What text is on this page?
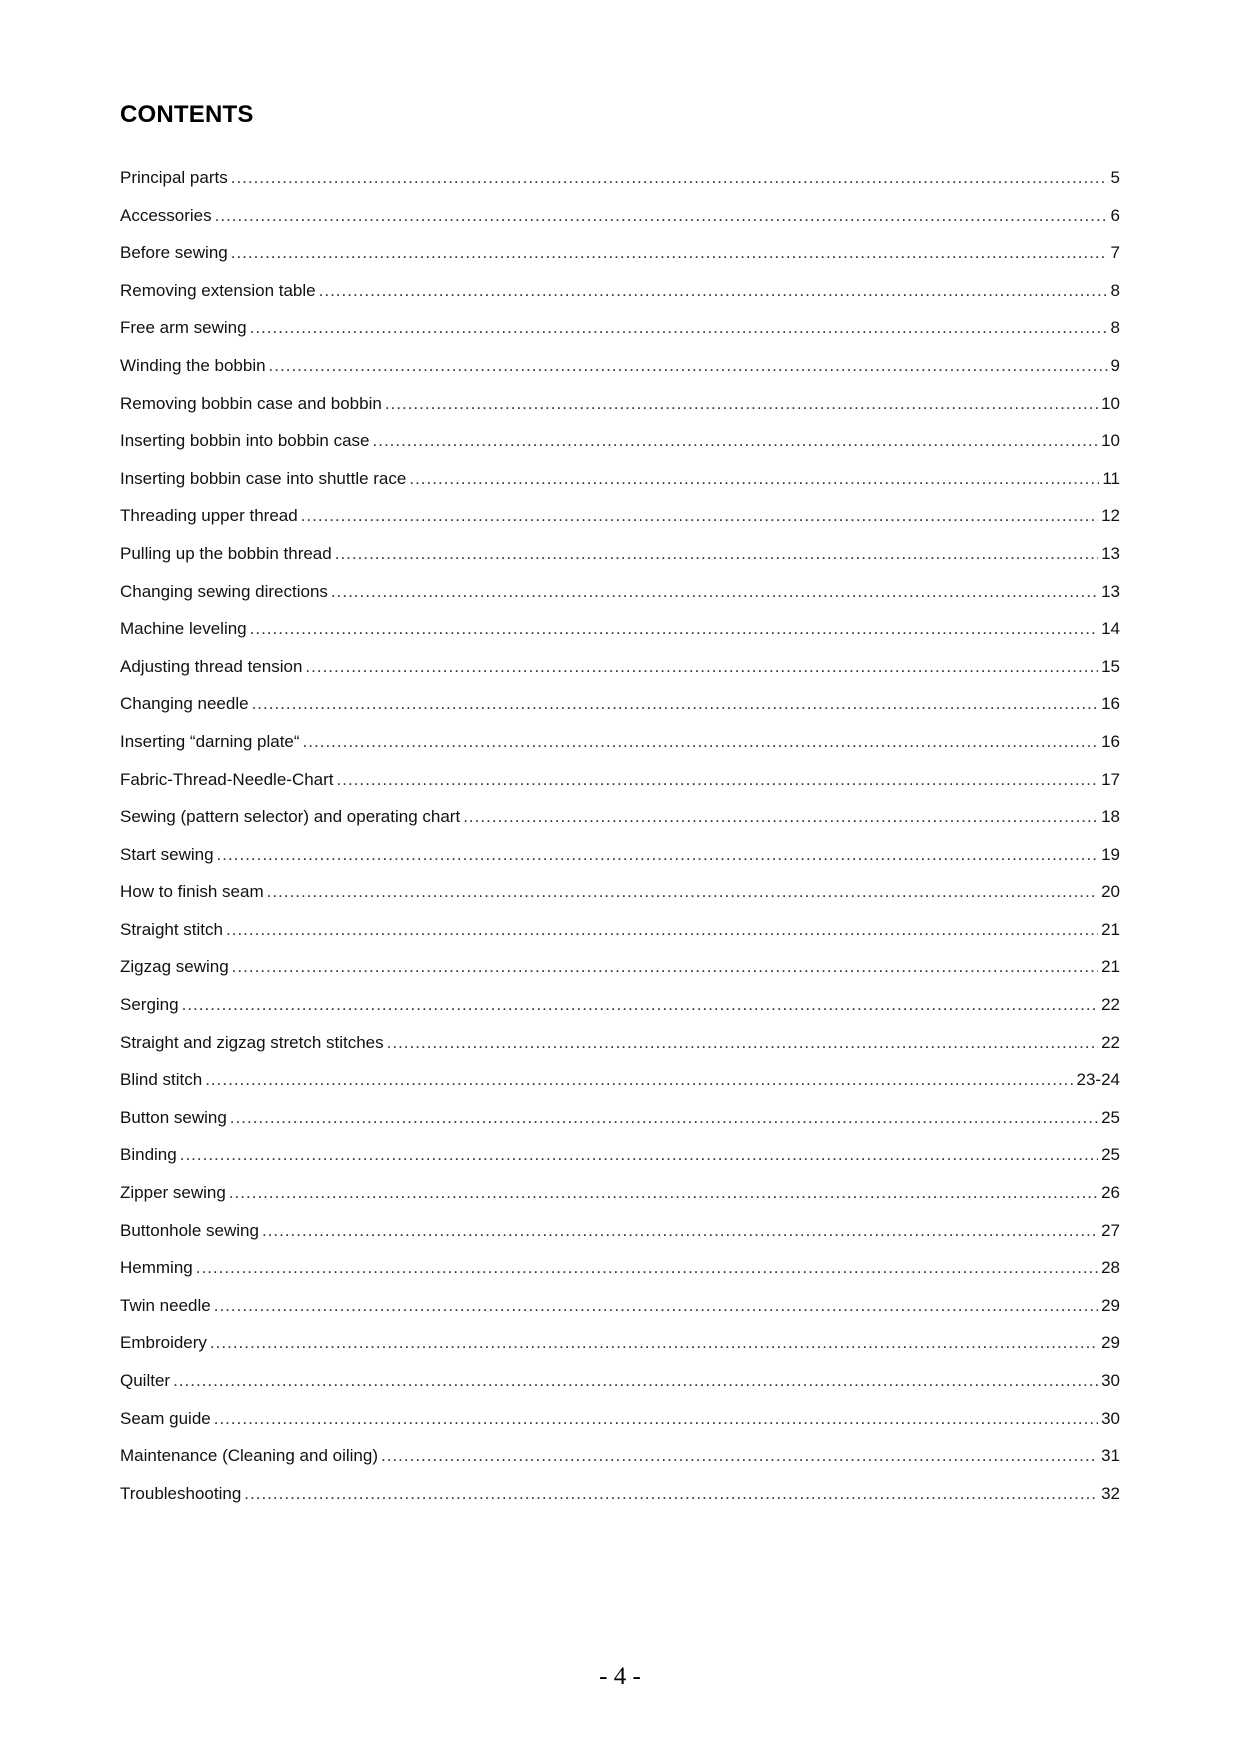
CONTENTS
Principal parts .....	5
Accessories .....	6
Before sewing .....	7
Removing extension table .....	8
Free arm sewing .....	8
Winding the bobbin .....	9
Removing bobbin case and bobbin .....	10
Inserting bobbin into bobbin case .....	10
Inserting bobbin case into shuttle race .....	11
Threading upper thread .....	12
Pulling up the bobbin thread .....	13
Changing sewing directions .....	13
Machine leveling .....	14
Adjusting thread tension .....	15
Changing needle .....	16
Inserting “darning plate“ .....	16
Fabric-Thread-Needle-Chart .....	17
Sewing (pattern selector) and operating chart .....	18
Start sewing .....	19
How to finish seam .....	20
Straight stitch .....	21
Zigzag sewing .....	21
Serging .....	22
Straight and zigzag stretch stitches .....	22
Blind stitch .....	23-24
Button sewing .....	25
Binding .....	25
Zipper sewing .....	26
Buttonhole sewing .....	27
Hemming .....	28
Twin needle .....	29
Embroidery .....	29
Quilter .....	30
Seam guide .....	30
Maintenance (Cleaning and oiling) .....	31
Troubleshooting .....	32
- 4 -
